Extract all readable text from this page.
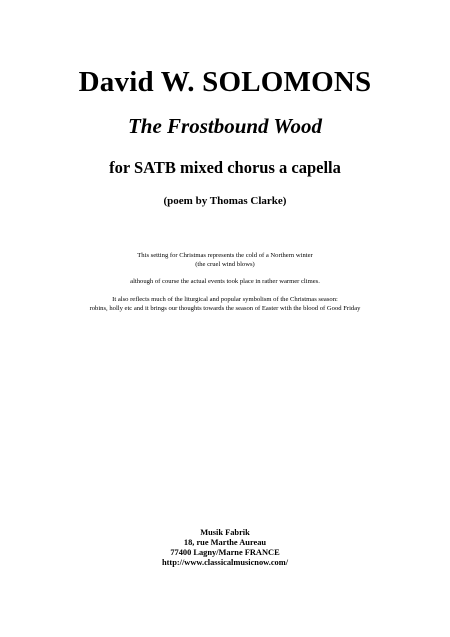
David W. SOLOMONS
The Frostbound Wood
for SATB mixed chorus a capella
(poem by Thomas Clarke)
This setting for Christmas represents the cold of a Northern winter
(the cruel wind blows)
although of course the actual events took place in rather warmer climes.
It also reflects much of the liturgical and popular symbolism of the Christmas season:
robins, holly etc and it brings our thoughts towards the season of Easter with the blood of Good Friday
Musik Fabrik
18, rue Marthe Aureau
77400 Lagny/Marne FRANCE
http://www.classicalmusicnow.com/
